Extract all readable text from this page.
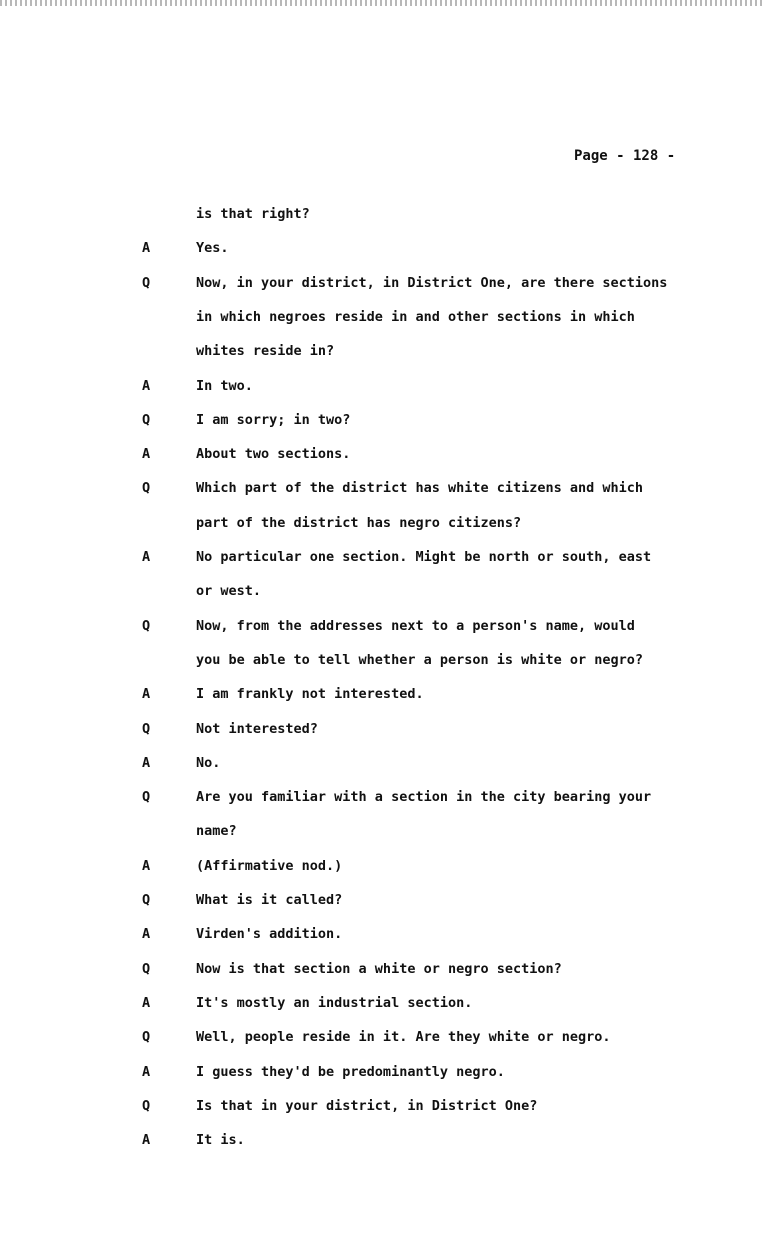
Page - 128 -
is that right?
A	Yes.
Q	Now, in your district, in District One, are there sections
in which negroes reside in and other sections in which
whites reside in?
A	In two.
Q	I am sorry; in two?
A	About two sections.
Q	Which part of the district has white citizens and which
part of the district has negro citizens?
A	No particular one section. Might be north or south, east
or west.
Q	Now, from the addresses next to a person's name, would
you be able to tell whether a person is white or negro?
A	I am frankly not interested.
Q	Not interested?
A	No.
Q	Are you familiar with a section in the city bearing your
name?
A	(Affirmative nod.)
Q	What is it called?
A	Virden's addition.
Q	Now is that section a white or negro section?
A	It's mostly an industrial section.
Q	Well, people reside in it. Are they white or negro.
A	I guess they'd be predominantly negro.
Q	Is that in your district, in District One?
A	It is.
